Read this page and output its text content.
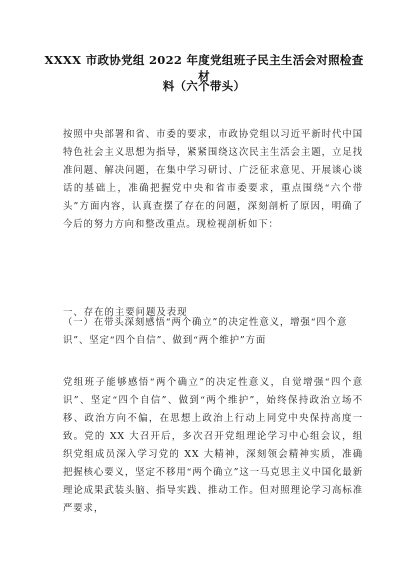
XXXX 市政协党组 2022 年度党组班子民主生活会对照检查材
料（六个带头）
按照中央部署和省、市委的要求，市政协党组以习近平新时代中国特色社会主义思想为指导，紧紧围绕这次民主生活会主题，立足找准问题、解决问题，在集中学习研讨、广泛征求意见、开展谈心谈话的基础上，准确把握党中央和省市委要求，重点围绕“六个带头”方面内容，认真查摆了存在的问题，深刻剖析了原因，明确了今后的努力方向和整改重点。现检视剖析如下：
一、存在的主要问题及表现
（一）在带头深刻感悟“两个确立”的决定性意义，增强“四个意识”、坚定“四个自信”、做到“两个维护”方面
党组班子能够感悟“两个确立”的决定性意义，自觉增强“四个意识”、坚定“四个自信”、做到“两个维护”，始终保持政治立场不移、政治方向不偏，在思想上政治上行动上同党中央保持高度一致。党的 XX 大召开后，多次召开党组理论学习中心组会议，组织党组成员深入学习党的 XX 大精神，深刻领会精神实质，准确把握核心要义，坚定不移用“两个确立”这一马克思主义中国化最新理论成果武装头脑、指导实践、推动工作。但对照理论学习高标准严要求，
